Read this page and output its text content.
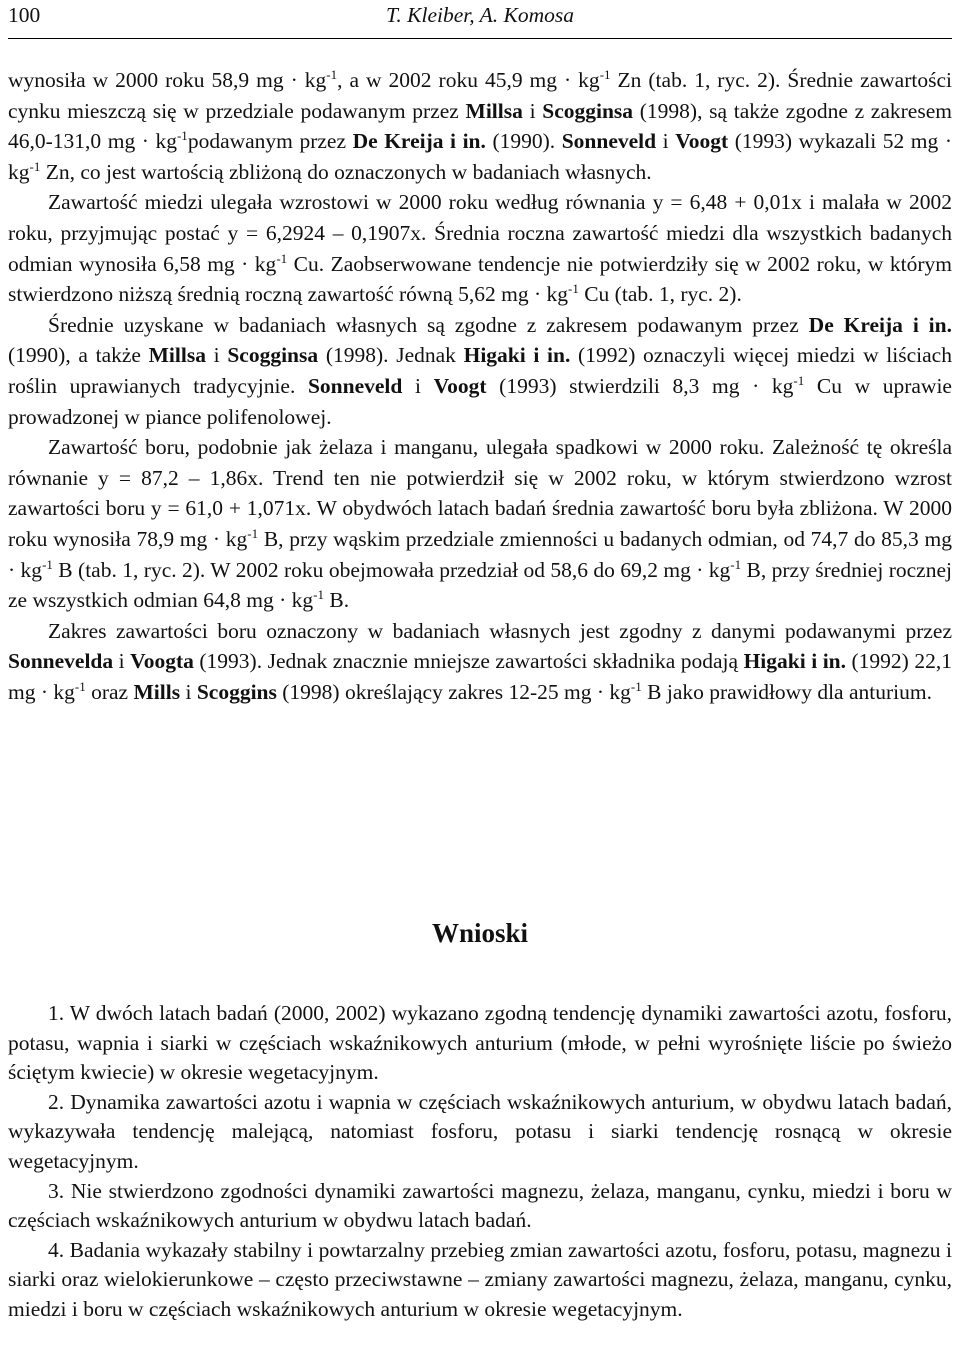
100	T. Kleiber, A. Komosa

wynosiła w 2000 roku 58,9 mg · $kg^{-1}$, a w 2002 roku 45,9 mg · $kg^{-1}$ Zn (tab. 1, ryc. 2). Średnie zawartości cynku mieszczą się w przedziale podawanym przez Millsa i Scogginsa (1998), są także zgodne z zakresem 46,0-131,0 mg · $kg^{-1}podawanym$ przez De Kreija i in. (1990). Sonneveld i Voogt (1993) wykazali 52 mg · $kg^{-1}$ Zn, co jest wartością zbliżoną do oznaczonych w badaniach własnych.

Zawartość miedzi ulegała wzrostowi w 2000 roku według równania y = 6,48 + 0,01x i malała w 2002 roku, przyjmując postać y = 6,2924 – 0,1907x. Średnia roczna zawartość miedzi dla wszystkich badanych odmian wynosiła 6,58 mg · $kg^{-1}$ Cu. Zaobserwowane tendencje nie potwierdziły się w 2002 roku, w którym stwierdzono niższą średnią roczną zawartość równą 5,62 mg · $kg^{-1}$ Cu (tab. 1, ryc. 2).

Średnie uzyskane w badaniach własnych są zgodne z zakresem podawanym przez De Kreija i in. (1990), a także Millsa i Scogginsa (1998). Jednak Higaki i in. (1992) oznaczyli więcej miedzi w liściach roślin uprawianych tradycyjnie. Sonneveld i Voogt (1993) stwierdzili 8,3 mg · $kg^{-1}$ Cu w uprawie prowadzonej w piance polifenolowej.

Zawartość boru, podobnie jak żelaza i manganu, ulegała spadkowi w 2000 roku. Zależność tę określa równanie y = 87,2 – 1,86x. Trend ten nie potwierdził się w 2002 roku, w którym stwierdzono wzrost zawartości boru y = 61,0 + 1,071x. W obydwóch latach badań średnia zawartość boru była zbliżona. W 2000 roku wynosiła 78,9 mg · $kg^{-1}$ B, przy wąskim przedziale zmienności u badanych odmian, od 74,7 do 85,3 mg · $kg^{-1}$ B (tab. 1, ryc. 2). W 2002 roku obejmowała przedział od 58,6 do 69,2 mg · $kg^{-1}$ B, przy średniej rocznej ze wszystkich odmian 64,8 mg · $kg^{-1}$ B.

Zakres zawartości boru oznaczony w badaniach własnych jest zgodny z danymi podawanymi przez Sonnevelda i Voogta (1993). Jednak znacznie mniejsze zawartości składnika podają Higaki i in. (1992) 22,1 mg · $kg^{-1}$ oraz Mills i Scoggins (1998) określający zakres 12-25 mg · $kg^{-1}$ B jako prawidłowy dla anturium.

Wnioski

1. W dwóch latach badań (2000, 2002) wykazano zgodną tendencję dynamiki zawartości azotu, fosforu, potasu, wapnia i siarki w częściach wskaźnikowych anturium (młode, w pełni wyrośnięte liście po świeżo ściętym kwiecie) w okresie wegetacyjnym.

2. Dynamika zawartości azotu i wapnia w częściach wskaźnikowych anturium, w obydwu latach badań, wykazywała tendencję malejącą, natomiast fosforu, potasu i siarki tendencję rosnącą w okresie wegetacyjnym.

3. Nie stwierdzono zgodności dynamiki zawartości magnezu, żelaza, manganu, cynku, miedzi i boru w częściach wskaźnikowych anturium w obydwu latach badań.

4. Badania wykazały stabilny i powtarzalny przebieg zmian zawartości azotu, fosforu, potasu, magnezu i siarki oraz wielokierunkowe – często przeciwstawne – zmiany zawartości magnezu, żelaza, manganu, cynku, miedzi i boru w częściach wskaźnikowych anturium w okresie wegetacyjnym.
